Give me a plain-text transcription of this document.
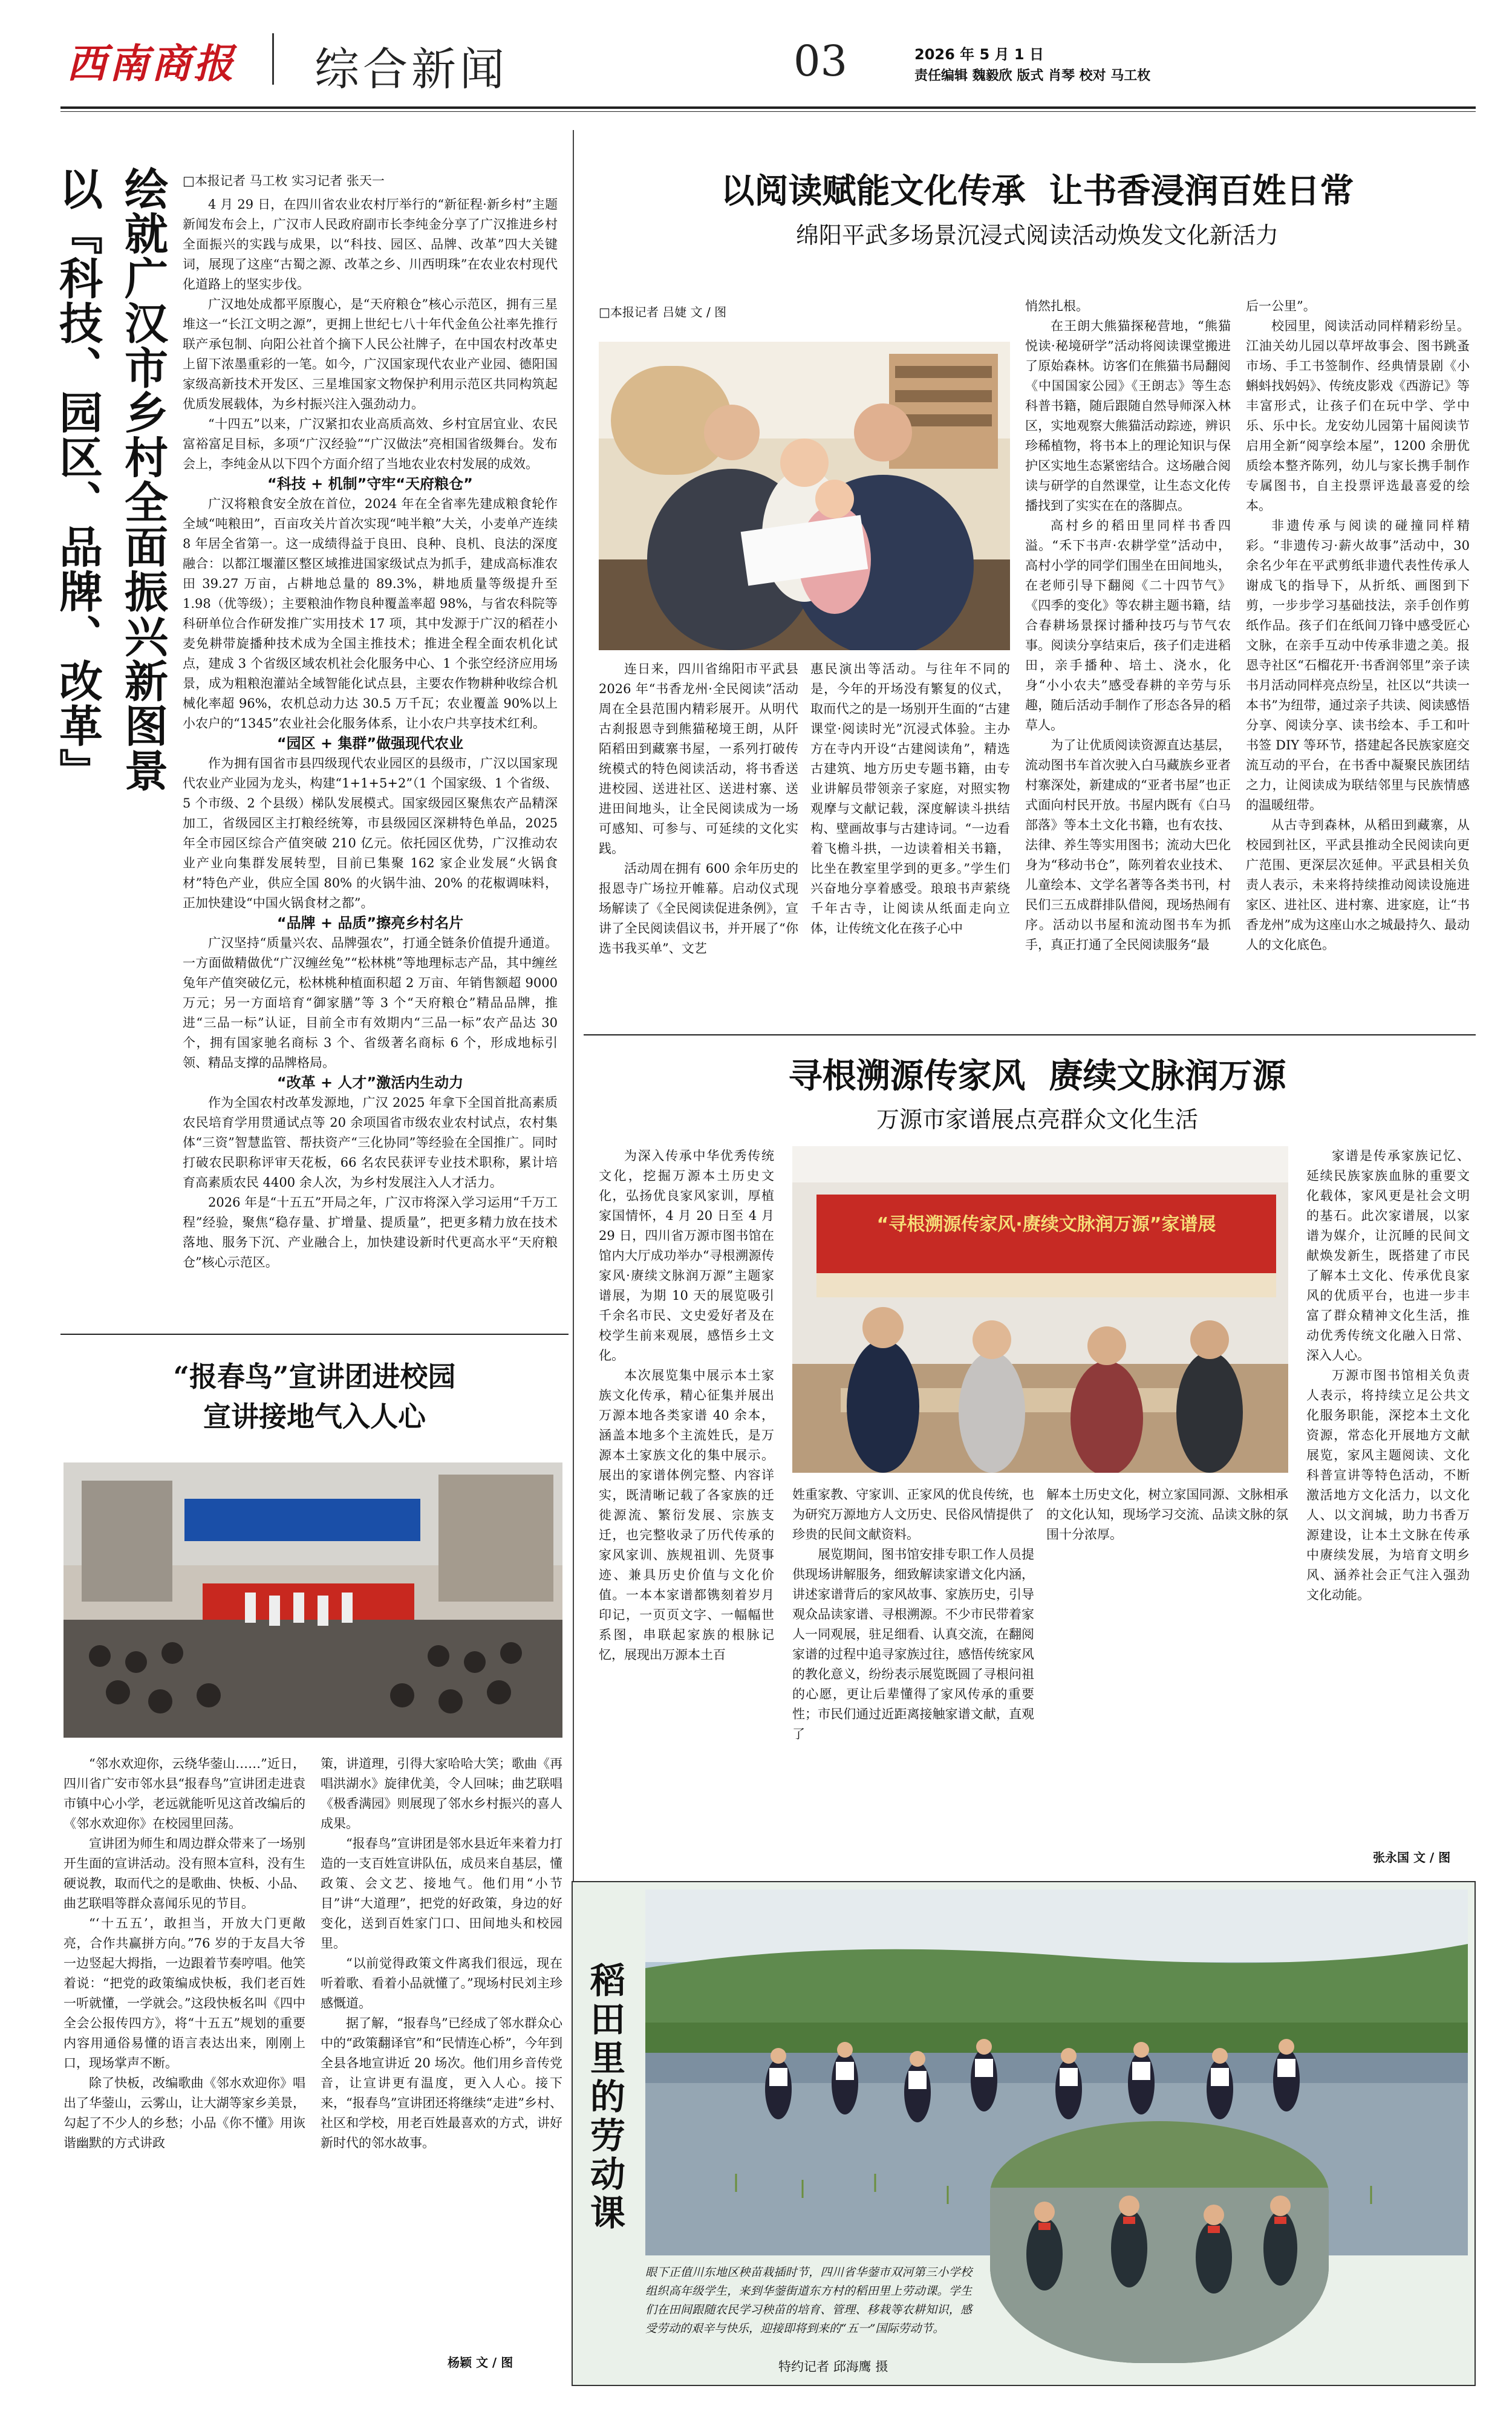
西南商报 综合新闻	03	2026 年 5 月 1 日
责任编辑 魏毅欣 版式 肖琴 校对 马工枚
以『科技、园区、品牌、改革』 绘就广汉市乡村全面振兴新图景 □本报记者 马工枚 实习记者 张天一

4 月 29 日，在四川省农业农村厅举行的“新征程·新乡村”主题新闻发布会上，广汉市人民政府副市长李纯金分享了广汉推进乡村全面振兴的实践与成果，以“科技、园区、品牌、改革”四大关键词，展现了这座“古蜀之源、改革之乡、川西明珠”在农业农村现代化道路上的坚实步伐。

广汉地处成都平原腹心，是“天府粮仓”核心示范区，拥有三星堆这一“长江文明之源”，更拥上世纪七八十年代金鱼公社率先推行联产承包制、向阳公社首个摘下人民公社牌子，在中国农村改革史上留下浓墨重彩的一笔。如今，广汉国家现代农业产业园、德阳国家级高新技术开发区、三星堆国家文物保护利用示范区共同构筑起优质发展载体，为乡村振兴注入强劲动力。

“十四五”以来，广汉紧扣农业高质高效、乡村宜居宜业、农民富裕富足目标，多项“广汉经验”“广汉做法”亮相国省级舞台。发布会上，李纯金从以下四个方面介绍了当地农业农村发展的成效。

“科技 + 机制”守牢“天府粮仓”

广汉将粮食安全放在首位，2024 年在全省率先建成粮食轮作全域“吨粮田”，百亩攻关片首次实现“吨半粮”大关，小麦单产连续 8 年居全省第一。这一成绩得益于良田、良种、良机、良法的深度融合：以都江堰灌区整区域推进国家级试点为抓手，建成高标准农田 39.27 万亩，占耕地总量的 89.3%，耕地质量等级提升至 1.98（优等级）；主要粮油作物良种覆盖率超 98%，与省农科院等科研单位合作研发推广实用技术 17 项，其中发源于广汉的稻茬小麦免耕带旋播种技术成为全国主推技术；推进全程全面农机化试点，建成 3 个省级区域农机社会化服务中心、1 个张空经济应用场景，成为粗粮泡灌站全域智能化试点县，主要农作物耕种收综合机械化率超 96%，农机总动力达 30.5 万千瓦；农业覆盖 90%以上小农户的“1345”农业社会化服务体系，让小农户共享技术红利。

“园区 + 集群”做强现代农业

作为拥有国省市县四级现代农业园区的县级市，广汉以国家现代农业产业园为龙头，构建“1+1+5+2”（1 个国家级、1 个省级、5 个市级、2 个县级）梯队发展模式。国家级园区聚焦农产品精深加工，省级园区主打粮经统筹，市县级园区深耕特色单品，2025 年全市园区综合产值突破 210 亿元。依托园区优势，广汉推动农业产业向集群发展转型，目前已集聚 162 家企业发展“火锅食材”特色产业，供应全国 80% 的火锅牛油、20% 的花椒调味料，正加快建设“中国火锅食材之都”。

“品牌 + 品质”擦亮乡村名片

广汉坚持“质量兴农、品牌强农”，打通全链条价值提升通道。一方面做精做优“广汉缠丝兔”“松林桃”等地理标志产品，其中缠丝兔年产值突破亿元，松林桃种植面积超 2 万亩、年销售额超 9000 万元；另一方面培育“御家膳”等 3 个“天府粮仓”精品品牌，推进“三品一标”认证，目前全市有效期内“三品一标”农产品达 30 个，拥有国家驰名商标 3 个、省级著名商标 6 个，形成地标引领、精品支撑的品牌格局。

“改革 + 人才”激活内生动力

作为全国农村改革发源地，广汉 2025 年拿下全国首批高素质农民培育学用贯通试点等 20 余项国省市级农业农村试点，农村集体“三资”智慧监管、帮扶资产“三化协同”等经验在全国推广。同时打破农民职称评审天花板，66 名农民获评专业技术职称，累计培育高素质农民 4400 余人次，为乡村发展注入人才活力。

2026 年是“十五五”开局之年，广汉市将深入学习运用“千万工程”经验，聚焦“稳存量、扩增量、提质量”，把更多精力放在技术落地、服务下沉、产业融合上，加快建设新时代更高水平“天府粮仓”核心示范区。

以阅读赋能文化传承  让书香浸润百姓日常
绵阳平武多场景沉浸式阅读活动焕发文化新活力
□本报记者 吕婕 文 / 图

连日来，四川省绵阳市平武县 2026 年“书香龙州·全民阅读”活动周在全县范围内精彩展开。从明代古刹报恩寺到熊猫秘境王朗，从阡陌稻田到藏寨书屋，一系列打破传统模式的特色阅读活动，将书香送进校园、送进社区、送进村寨、送进田间地头，让全民阅读成为一场可感知、可参与、可延续的文化实践。

活动周在拥有 600 余年历史的报恩寺广场拉开帷幕。启动仪式现场解读了《全民阅读促进条例》，宣讲了全民阅读倡议书，并开展了“你选书我买单”、文艺

惠民演出等活动。与往年不同的是，今年的开场没有繁复的仪式，取而代之的是一场别开生面的“古建课堂·阅读时光”沉浸式体验。主办方在寺内开设“古建阅读角”，精选古建筑、地方历史专题书籍，由专业讲解员带领亲子家庭，对照实物观摩与文献记载，深度解读斗拱结构、壁画故事与古建诗词。“一边看着飞檐斗拱，一边读着相关书籍，比坐在教室里学到的更多。”学生们兴奋地分享着感受。琅琅书声萦绕千年古寺，让阅读从纸面走向立体，让传统文化在孩子心中

悄然扎根。

在王朗大熊猫探秘营地，“熊猫悦读·秘境研学”活动将阅读课堂搬进了原始森林。访客们在熊猫书局翻阅《中国国家公园》《王朗志》等生态科普书籍，随后跟随自然导师深入林区，实地观察大熊猫活动踪迹，辨识珍稀植物，将书本上的理论知识与保护区实地生态紧密结合。这场融合阅读与研学的自然课堂，让生态文化传播找到了实实在在的落脚点。

高村乡的稻田里同样书香四溢。“禾下书声·农耕学堂”活动中，高村小学的同学们围坐在田间地头，在老师引导下翻阅《二十四节气》《四季的变化》等农耕主题书籍，结合春耕场景探讨播种技巧与节气农事。阅读分享结束后，孩子们走进稻田，亲手播种、培土、浇水，化身“小小农夫”感受春耕的辛劳与乐趣，随后活动手制作了形态各异的稻草人。

为了让优质阅读资源直达基层，流动图书车首次驶入白马藏族乡亚者村寨深处，新建成的“亚者书屋”也正式面向村民开放。书屋内既有《白马部落》等本土文化书籍，也有农技、法律、养生等实用图书；流动大巴化身为“移动书仓”，陈列着农业技术、儿童绘本、文学名著等各类书刊，村民们三五成群排队借阅，现场热闹有序。活动以书屋和流动图书车为抓手，真正打通了全民阅读服务“最

后一公里”。

校园里，阅读活动同样精彩纷呈。江油关幼儿园以草坪故事会、图书跳蚤市场、手工书签制作、经典情景剧《小蝌蚪找妈妈》、传统皮影戏《西游记》等丰富形式，让孩子们在玩中学、学中乐、乐中长。龙安幼儿园第十届阅读节启用全新“阅享绘本屋”，1200 余册优质绘本整齐陈列，幼儿与家长携手制作专属图书，自主投票评选最喜爱的绘本。

非遗传承与阅读的碰撞同样精彩。“非遗传习·薪火故事”活动中，30 余名少年在平武剪纸非遗代表性传承人谢成飞的指导下，从折纸、画图到下剪，一步步学习基础技法，亲手创作剪纸作品。孩子们在纸间刀锋中感受匠心文脉，在亲手互动中传承非遗之美。报恩寺社区“石榴花开·书香润邻里”亲子读书月活动同样亮点纷呈，社区以“共读一本书”为纽带，通过亲子共读、阅读感悟分享、阅读分享、读书绘本、手工和叶书签 DIY 等环节，搭建起各民族家庭交流互动的平台，在书香中凝聚民族团结之力，让阅读成为联结邻里与民族情感的温暖纽带。

从古寺到森林，从稻田到藏寨，从校园到社区，平武县推动全民阅读向更广范围、更深层次延伸。平武县相关负责人表示，未来将持续推动阅读设施进家区、进社区、进村寨、进家庭，让“书香龙州”成为这座山水之城最持久、最动人的文化底色。

寻根溯源传家风  赓续文脉润万源
万源市家谱展点亮群众文化生活

为深入传承中华优秀传统文化，挖掘万源本土历史文化，弘扬优良家风家训，厚植家国情怀，4 月 20 日至 4 月 29 日，四川省万源市图书馆在馆内大厅成功举办“寻根溯源传家风·赓续文脉润万源”主题家谱展，为期 10 天的展览吸引千余名市民、文史爱好者及在校学生前来观展，感悟乡土文化。

本次展览集中展示本土家族文化传承，精心征集并展出万源本地各类家谱 40 余本，涵盖本地多个主流姓氏，是万源本土家族文化的集中展示。展出的家谱体例完整、内容详实，既清晰记载了各家族的迁徙源流、繁衍发展、宗族支迁，也完整收录了历代传承的家风家训、族规祖训、先贤事迹、兼具历史价值与文化价值。一本本家谱都镌刻着岁月印记，一页页文字、一幅幅世系图，串联起家族的根脉记忆，展现出万源本土百

“寻根溯源传家风·赓续文脉润万源”家谱展

姓重家教、守家训、正家风的优良传统，也为研究万源地方人文历史、民俗风情提供了珍贵的民间文献资料。

展览期间，图书馆安排专职工作人员提供现场讲解服务，细致解读家谱文化内涵，讲述家谱背后的家风故事、家族历史，引导观众品读家谱、寻根溯源。不少市民带着家人一同观展，驻足细看、认真交流，在翻阅家谱的过程中追寻家族过往，感悟传统家风的教化意义，纷纷表示展览既圆了寻根问祖的心愿，更让后辈懂得了家风传承的重要性；市民们通过近距离接触家谱文献，直观了

解本土历史文化，树立家国同源、文脉相承的文化认知，现场学习交流、品读文脉的氛围十分浓厚。

家谱是传承家族记忆、延续民族家族血脉的重要文化载体，家风更是社会文明的基石。此次家谱展，以家谱为媒介，让沉睡的民间文献焕发新生，既搭建了市民了解本土文化、传承优良家风的优质平台，也进一步丰富了群众精神文化生活，推动优秀传统文化融入日常、深入人心。

万源市图书馆相关负责人表示，将持续立足公共文化服务职能，深挖本土文化资源，常态化开展地方文献展览，家风主题阅读、文化科普宣讲等特色活动，不断激活地方文化活力，以文化人、以文润城，助力书香万源建设，让本土文脉在传承中赓续发展，为培育文明乡风、涵养社会正气注入强劲文化动能。

张永国 文 / 图
“报春鸟”宣讲团进校园
宣讲接地气入人心

“邻水欢迎你，云绕华蓥山……”近日，四川省广安市邻水县“报春鸟”宣讲团走进袁市镇中心小学，老远就能听见这首改编后的《邻水欢迎你》在校园里回荡。

宣讲团为师生和周边群众带来了一场别开生面的宣讲活动。没有照本宣科，没有生硬说教，取而代之的是歌曲、快板、小品、曲艺联唱等群众喜闻乐见的节目。

“‘十五五’，敢担当，开放大门更敞亮，合作共赢拼方向。”76 岁的于友昌大爷一边竖起大拇指，一边跟着节奏哼唱。他笑着说：“把党的政策编成快板，我们老百姓一听就懂，一学就会。”这段快板名叫《四中全会公报传四方》，将“十五五”规划的重要内容用通俗易懂的语言表达出来，刚刚上口，现场掌声不断。

除了快板，改编歌曲《邻水欢迎你》唱出了华蓥山，云雾山，让大湖等家乡美景，勾起了不少人的乡愁；小品《你不懂》用诙谐幽默的方式讲政

策，讲道理，引得大家哈哈大笑；歌曲《再唱洪湖水》旋律优美，令人回味；曲艺联唱《极香满园》则展现了邻水乡村振兴的喜人成果。

“报春鸟”宣讲团是邻水县近年来着力打造的一支百姓宣讲队伍，成员来自基层，懂政策、会文艺、接地气。他们用“小节目”讲“大道理”，把党的好政策，身边的好变化，送到百姓家门口、田间地头和校园里。

“以前觉得政策文件离我们很远，现在听着歌、看着小品就懂了。”现场村民刘主珍感慨道。

据了解，“报春鸟”已经成了邻水群众心中的“政策翻译官”和“民情连心桥”，今年到全县各地宣讲近 20 场次。他们用乡音传党音，让宣讲更有温度，更入人心。接下来，“报春鸟”宣讲团还将继续“走进”乡村、社区和学校，用老百姓最喜欢的方式，讲好新时代的邻水故事。

杨颖 文 / 图
稻田里的劳动课
眼下正值川东地区秧苗栽插时节，四川省华蓥市双河第三小学校组织高年级学生，来到华蓥街道东方村的稻田里上劳动课。学生们在田间跟随农民学习秧苗的培育、管理、移栽等农耕知识，感受劳动的艰辛与快乐，迎接即将到来的“五一”国际劳动节。
特约记者 邱海鹰 摄
